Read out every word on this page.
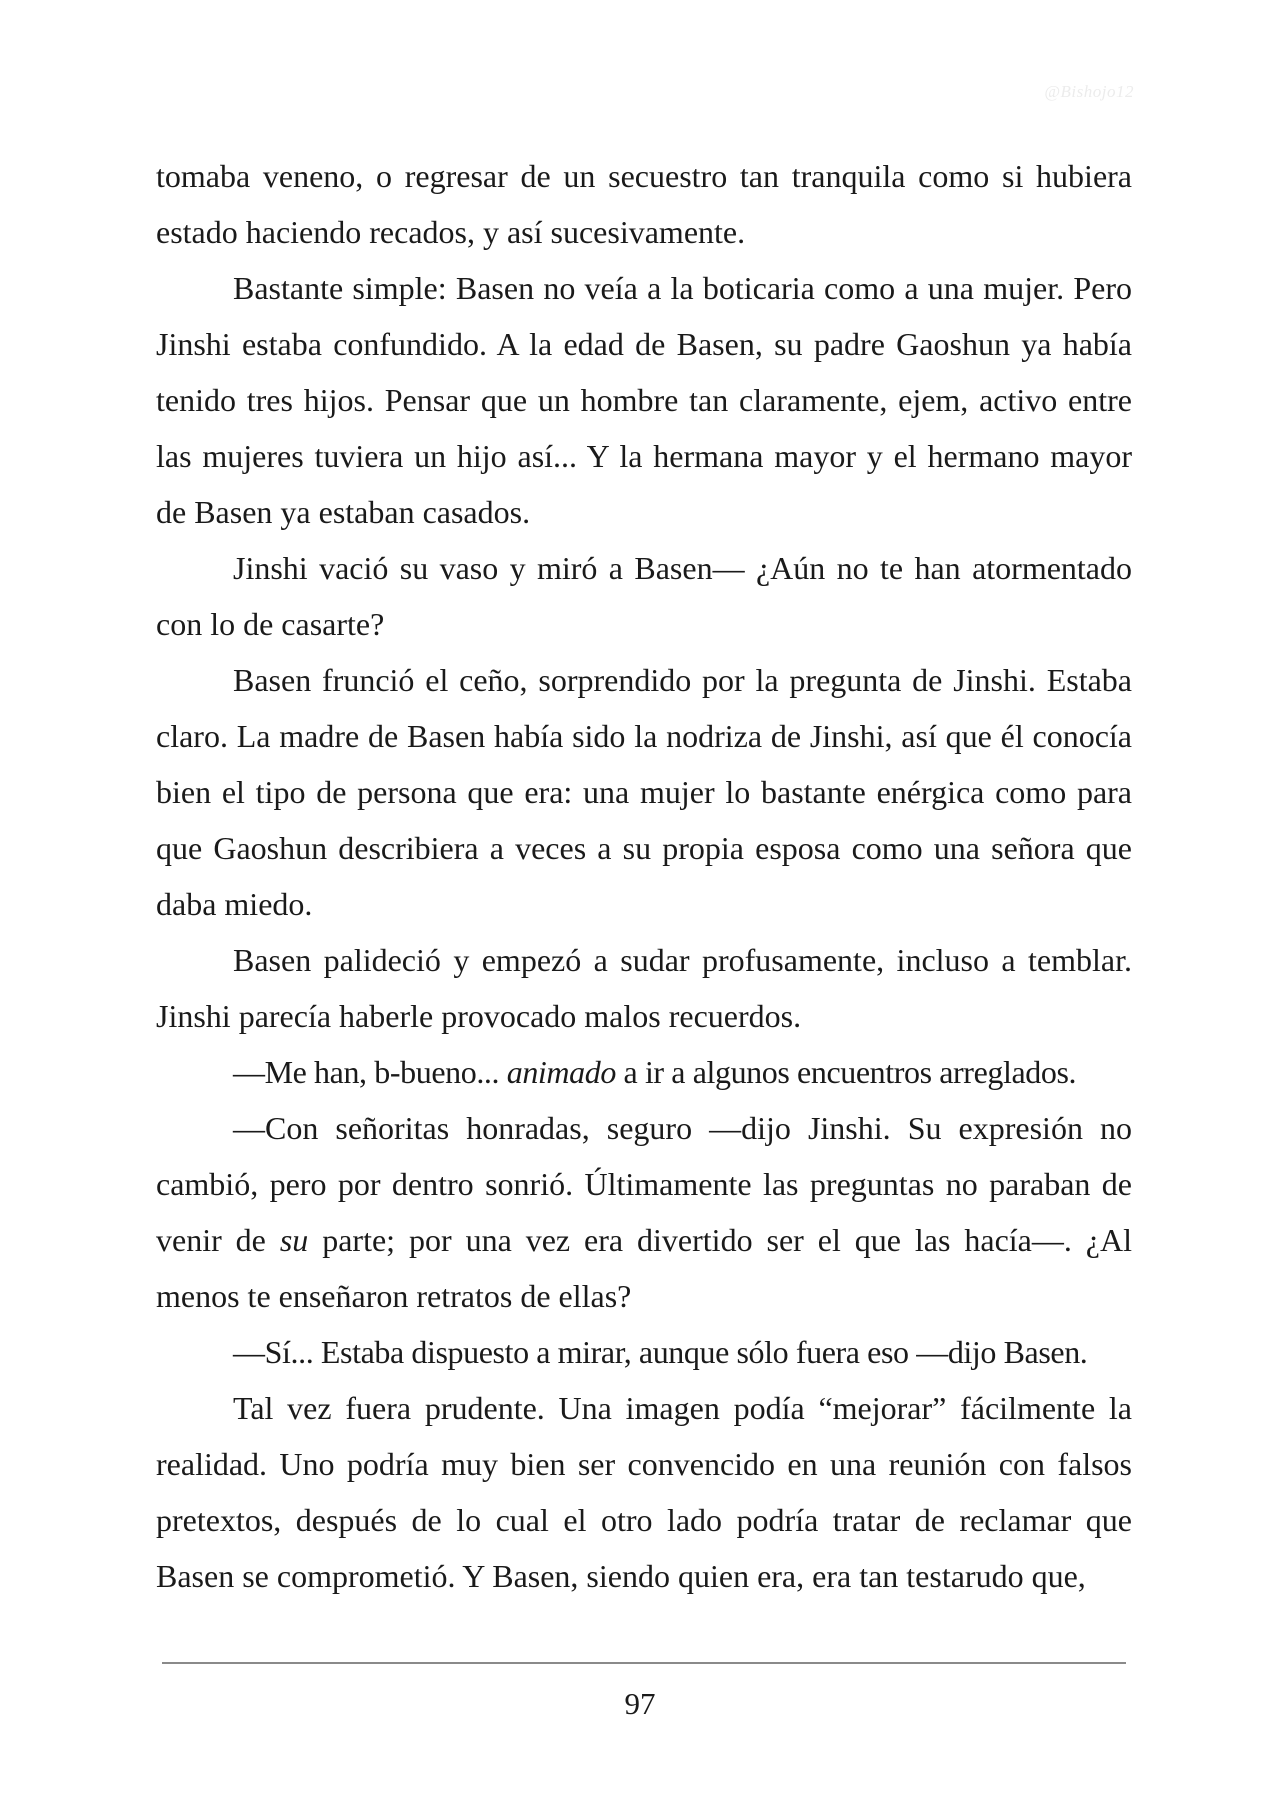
@Bishojo12

tomaba veneno, o regresar de un secuestro tan tranquila como si hubiera estado haciendo recados, y así sucesivamente.

Bastante simple: Basen no veía a la boticaria como a una mujer. Pero Jinshi estaba confundido. A la edad de Basen, su padre Gaoshun ya había tenido tres hijos. Pensar que un hombre tan claramente, ejem, activo entre las mujeres tuviera un hijo así... Y la hermana mayor y el hermano mayor de Basen ya estaban casados.

Jinshi vació su vaso y miró a Basen— ¿Aún no te han atormentado con lo de casarte?

Basen frunció el ceño, sorprendido por la pregunta de Jinshi. Estaba claro. La madre de Basen había sido la nodriza de Jinshi, así que él conocía bien el tipo de persona que era: una mujer lo bastante enérgica como para que Gaoshun describiera a veces a su propia esposa como una señora que daba miedo.

Basen palideció y empezó a sudar profusamente, incluso a temblar. Jinshi parecía haberle provocado malos recuerdos.

—Me han, b-bueno... animado a ir a algunos encuentros arreglados.

—Con señoritas honradas, seguro —dijo Jinshi. Su expresión no cambió, pero por dentro sonrió. Últimamente las preguntas no paraban de venir de su parte; por una vez era divertido ser el que las hacía—. ¿Al menos te enseñaron retratos de ellas?

—Sí... Estaba dispuesto a mirar, aunque sólo fuera eso —dijo Basen.

Tal vez fuera prudente. Una imagen podía “mejorar” fácilmente la realidad. Uno podría muy bien ser convencido en una reunión con falsos pretextos, después de lo cual el otro lado podría tratar de reclamar que Basen se comprometió. Y Basen, siendo quien era, era tan testarudo que,

97
